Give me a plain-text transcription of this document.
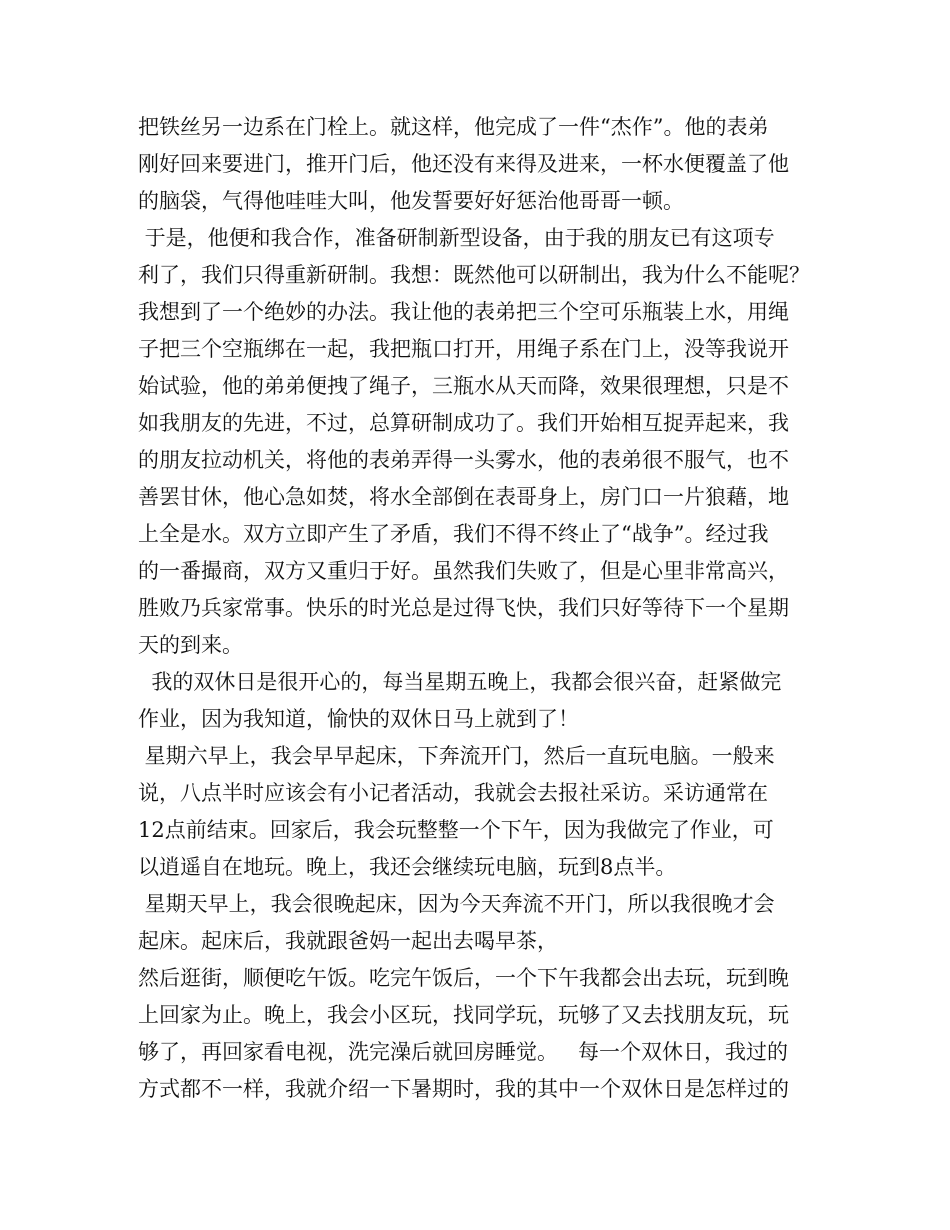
把铁丝另一边系在门栓上。就这样，他完成了一件“杰作”。他的表弟
刚好回来要进门，推开门后，他还没有来得及进来，一杯水便覆盖了他
的脑袋，气得他哇哇大叫，他发誓要好好惩治他哥哥一顿。
于是，他便和我合作，准备研制新型设备，由于我的朋友已有这项专
利了，我们只得重新研制。我想：既然他可以研制出，我为什么不能呢？
我想到了一个绝妙的办法。我让他的表弟把三个空可乐瓶装上水，用绳
子把三个空瓶绑在一起，我把瓶口打开，用绳子系在门上，没等我说开
始试验，他的弟弟便拽了绳子，三瓶水从天而降，效果很理想，只是不
如我朋友的先进，不过，总算研制成功了。我们开始相互捉弄起来，我
的朋友拉动机关，将他的表弟弄得一头雾水，他的表弟很不服气，也不
善罢甘休，他心急如焚，将水全部倒在表哥身上，房门口一片狼藉，地
上全是水。双方立即产生了矛盾，我们不得不终止了“战争”。经过我
的一番撮商，双方又重归于好。虽然我们失败了，但是心里非常高兴，
胜败乃兵家常事。快乐的时光总是过得飞快，我们只好等待下一个星期
天的到来。
我的双休日是很开心的，每当星期五晚上，我都会很兴奋，赶紧做完
作业，因为我知道，愉快的双休日马上就到了！
星期六早上，我会早早起床，下奔流开门，然后一直玩电脑。一般来
说，八点半时应该会有小记者活动，我就会去报社采访。采访通常在
12点前结束。回家后，我会玩整整一个下午，因为我做完了作业，可
以逍遥自在地玩。晚上，我还会继续玩电脑，玩到8点半。
星期天早上，我会很晚起床，因为今天奔流不开门，所以我很晚才会
起床。起床后，我就跟爸妈一起出去喝早茶，
然后逛街，顺便吃午饭。吃完午饭后，一个下午我都会出去玩，玩到晚
上回家为止。晚上，我会小区玩，找同学玩，玩够了又去找朋友玩，玩
够了，再回家看电视，洗完澡后就回房睡觉。   每一个双休日，我过的
方式都不一样，我就介绍一下暑期时，我的其中一个双休日是怎样过的
